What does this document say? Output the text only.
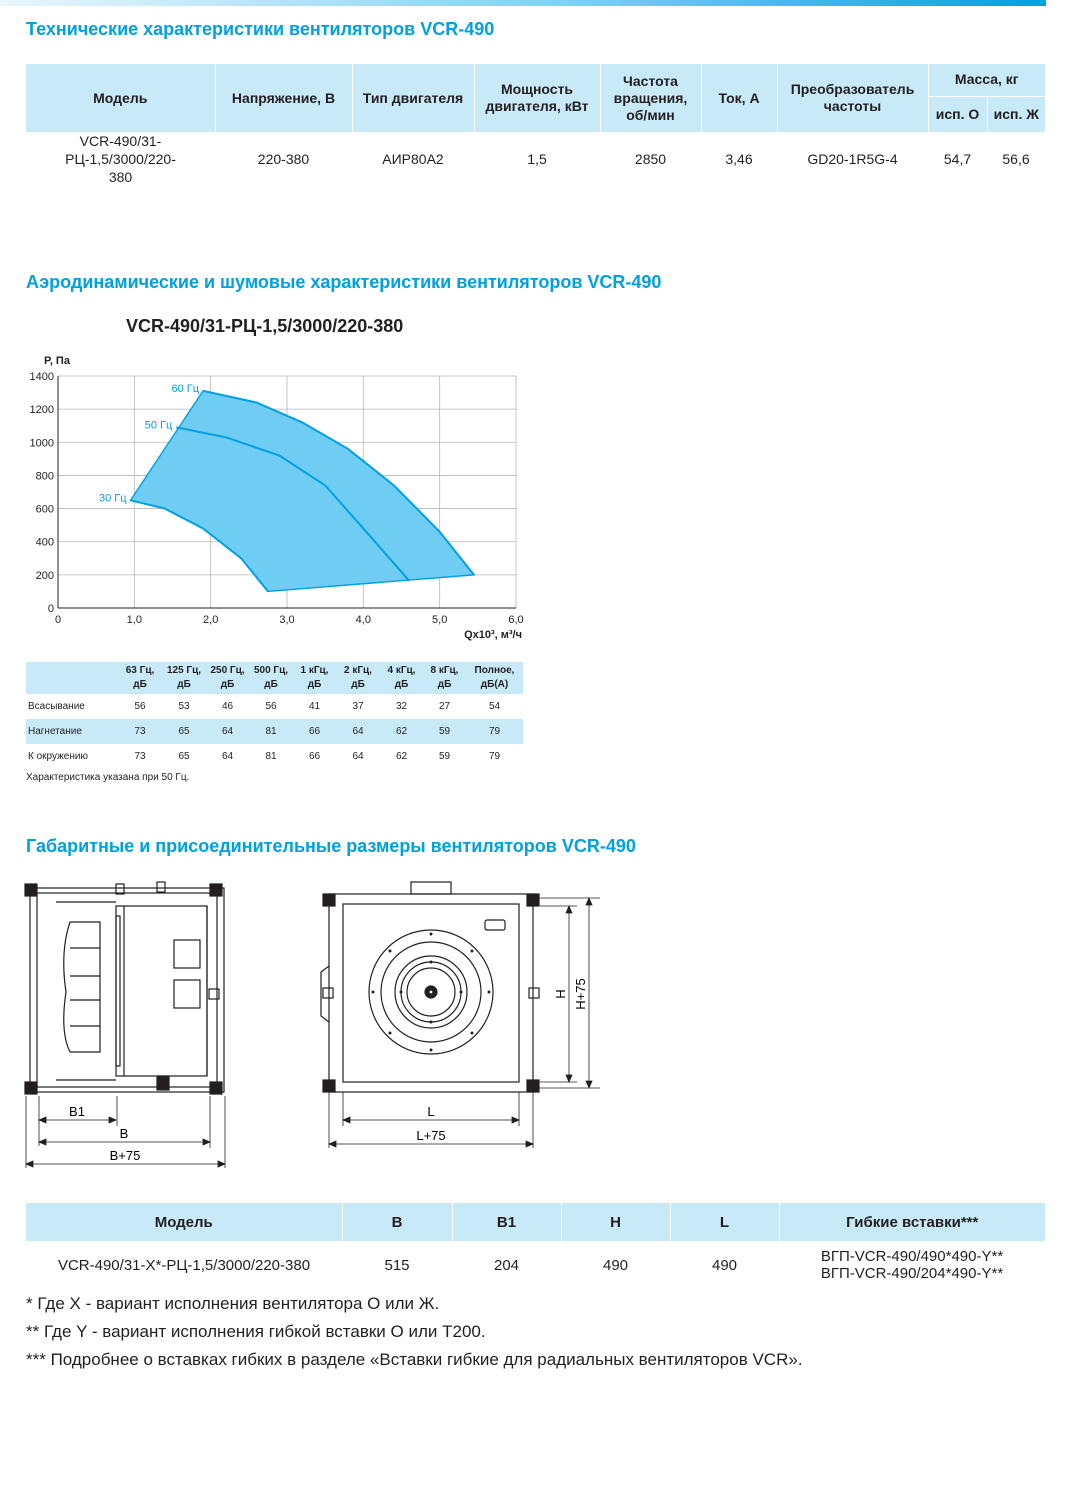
Технические характеристики вентиляторов VCR-490
Модель	Напряжение, В	Тип двигателя	Мощность двигателя, кВт	Частота вращения, об/мин	Ток, А	Преобразователь частоты	Масса, кг	
							исп. О	исп. Ж
VCR-490/31-РЦ-1,5/3000/220-380	220-380	АИР80А2	1,5	2850	3,46	GD20-1R5G-4	54,7	56,6
Аэродинамические и шумовые характеристики вентиляторов VCR-490
VCR-490/31-РЦ-1,5/3000/220-380
60 Гц
50 Гц
30 Гц
0
200
400
600
800
1000
1200
1400
0	1,0	2,0	3,0	4,0	5,0	6,0
Р, Па
Qx10³, м³/ч
	63 Гц, дБ	125 Гц, дБ	250 Гц, дБ	500 Гц, дБ	1 кГц, дБ	2 кГц, дБ	4 кГц, дБ	8 кГц, дБ	Полное, дБ(А)
Всасывание	56	53	46	56	41	37	32	27	54
Нагнетание	73	65	64	81	66	64	62	59	79
К окружению	73	65	64	81	66	64	62	59	79
Характеристика указана при 50 Гц.
Габаритные и присоединительные размеры вентиляторов VCR-490
B1
B
B+75
L
L+75
H H+75
Модель	B	B1	H	L	Гибкие вставки***
VCR-490/31-Х*-РЦ-1,5/3000/220-380	515	204	490	490	ВГП-VCR-490/490*490-Y**
ВГП-VCR-490/204*490-Y**

* Где Х - вариант исполнения вентилятора О или Ж.

** Где Y - вариант исполнения гибкой вставки О или Т200.

*** Подробнее о вставках гибких в разделе «Вставки гибкие для радиальных вентиляторов VCR».
